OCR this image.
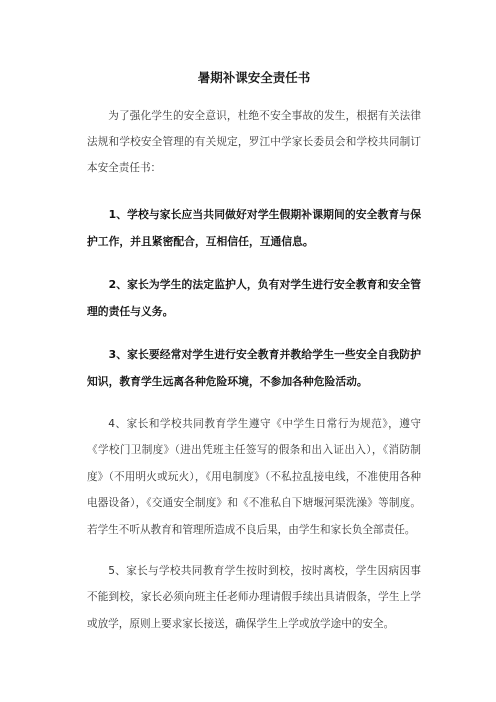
暑期补课安全责任书

为了强化学生的安全意识，杜绝不安全事故的发生，根据有关法律法规和学校安全管理的有关规定，罗江中学家长委员会和学校共同制订本安全责任书：

1、学校与家长应当共同做好对学生假期补课期间的安全教育与保护工作，并且紧密配合，互相信任，互通信息。

2、家长为学生的法定监护人，负有对学生进行安全教育和安全管理的责任与义务。

3、家长要经常对学生进行安全教育并教给学生一些安全自我防护知识，教育学生远离各种危险环境，不参加各种危险活动。

4、家长和学校共同教育学生遵守《中学生日常行为规范》，遵守《学校门卫制度》（进出凭班主任签写的假条和出入证出入），《消防制度》（不用明火或玩火），《用电制度》（不私拉乱接电线，不准使用各种电器设备），《交通安全制度》和《不准私自下塘堰河渠洗澡》等制度。若学生不听从教育和管理所造成不良后果，由学生和家长负全部责任。

5、家长与学校共同教育学生按时到校，按时离校，学生因病因事不能到校，家长必须向班主任老师办理请假手续出具请假条，学生上学或放学，原则上要求家长接送，确保学生上学或放学途中的安全。
